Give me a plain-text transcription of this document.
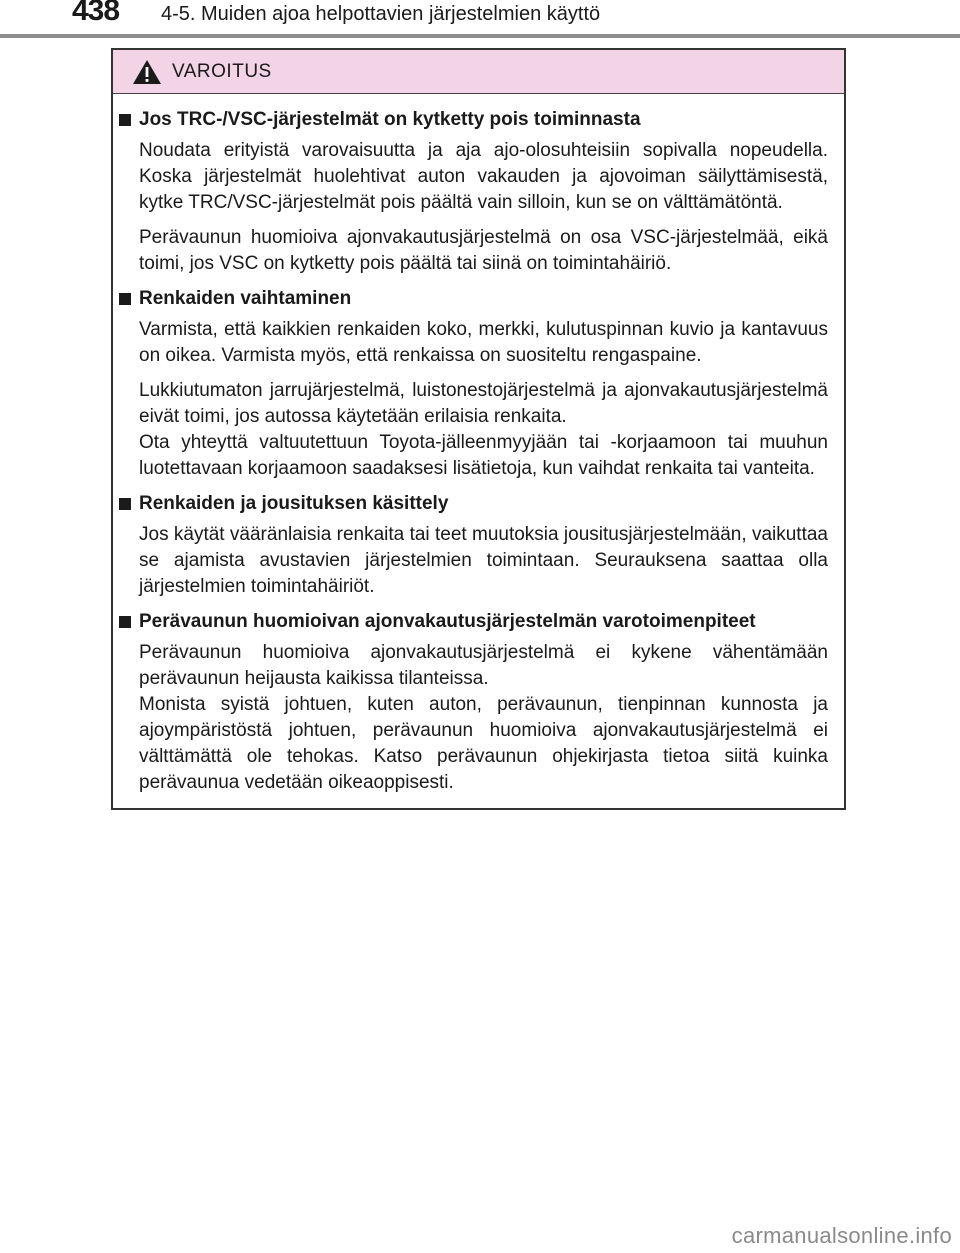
438 4-5. Muiden ajoa helpottavien järjestelmien käyttö
VAROITUS
Jos TRC-/VSC-järjestelmät on kytketty pois toiminnasta

Noudata erityistä varovaisuutta ja aja ajo-olosuhteisiin sopivalla nopeudella. Koska järjestelmät huolehtivat auton vakauden ja ajovoiman säilyttämisestä, kytke TRC/VSC-järjestelmät pois päältä vain silloin, kun se on välttämätöntä.

Perävaunun huomioiva ajonvakautusjärjestelmä on osa VSC-järjestelmää, eikä toimi, jos VSC on kytketty pois päältä tai siinä on toimintahäiriö.

Renkaiden vaihtaminen

Varmista, että kaikkien renkaiden koko, merkki, kulutuspinnan kuvio ja kantavuus on oikea. Varmista myös, että renkaissa on suositeltu rengaspaine.

Lukkiutumaton jarrujärjestelmä, luistonestojärjestelmä ja ajonvakautusjärjestelmä eivät toimi, jos autossa käytetään erilaisia renkaita.

Ota yhteyttä valtuutettuun Toyota-jälleenmyyjään tai -korjaamoon tai muuhun luotettavaan korjaamoon saadaksesi lisätietoja, kun vaihdat renkaita tai vanteita.

Renkaiden ja jousituksen käsittely

Jos käytät vääränlaisia renkaita tai teet muutoksia jousitusjärjestelmään, vaikuttaa se ajamista avustavien järjestelmien toimintaan. Seurauksena saattaa olla järjestelmien toimintahäiriöt.

Perävaunun huomioivan ajonvakautusjärjestelmän varotoimenpiteet

Perävaunun huomioiva ajonvakautusjärjestelmä ei kykene vähentämään perävaunun heijausta kaikissa tilanteissa.

Monista syistä johtuen, kuten auton, perävaunun, tienpinnan kunnosta ja ajoympäristöstä johtuen, perävaunun huomioiva ajonvakautusjärjestelmä ei välttämättä ole tehokas. Katso perävaunun ohjekirjasta tietoa siitä kuinka perävaunua vedetään oikeaoppisesti.

carmanualsonline.info
